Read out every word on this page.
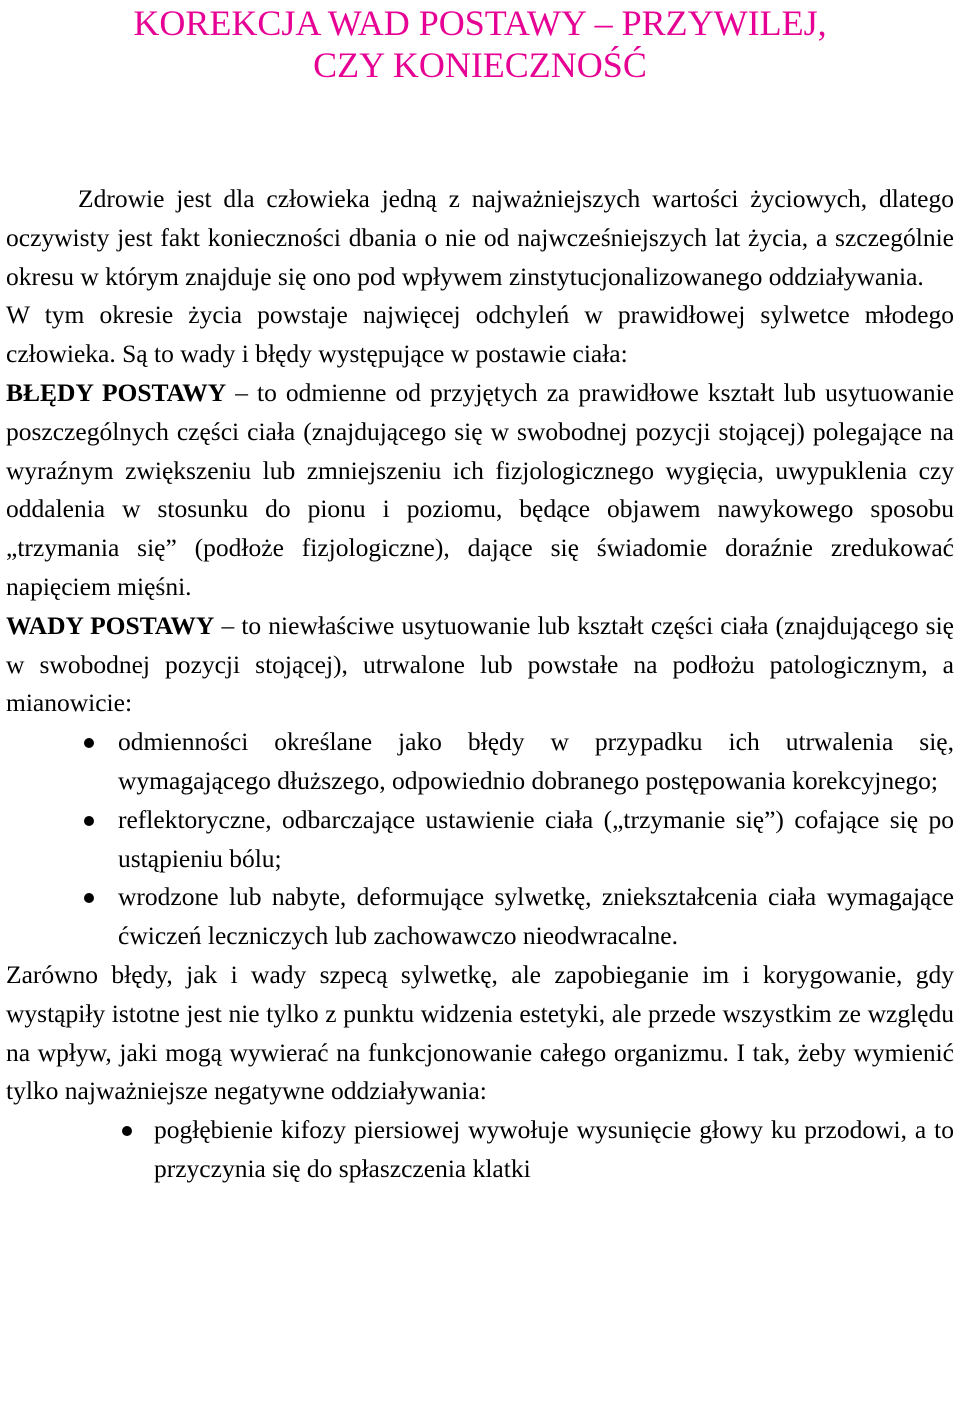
KOREKCJA WAD POSTAWY – PRZYWILEJ,
CZY KONIECZNOŚĆ

Zdrowie jest dla człowieka jedną z najważniejszych wartości życiowych, dlatego oczywisty jest fakt konieczności dbania o nie od najwcześniejszych lat życia, a szczególnie okresu w którym znajduje się ono pod wpływem zinstytucjonalizowanego oddziaływania.

W tym okresie życia powstaje najwięcej odchyleń w prawidłowej sylwetce młodego człowieka. Są to wady i błędy występujące w postawie ciała:

BŁĘDY POSTAWY – to odmienne od przyjętych za prawidłowe kształt lub usytuowanie poszczególnych części ciała (znajdującego się w swobodnej pozycji stojącej) polegające na wyraźnym zwiększeniu lub zmniejszeniu ich fizjologicznego wygięcia, uwypuklenia czy oddalenia w stosunku do pionu i poziomu, będące objawem nawykowego sposobu „trzymania się” (podłoże fizjologiczne), dające się świadomie doraźnie zredukować napięciem mięśni.

WADY POSTAWY – to niewłaściwe usytuowanie lub kształt części ciała (znajdującego się w swobodnej pozycji stojącej), utrwalone lub powstałe na podłożu patologicznym, a mianowicie:

odmienności określane jako błędy w przypadku ich utrwalenia się, wymagającego dłuższego, odpowiednio dobranego postępowania korekcyjnego;
reflektoryczne, odbarczające ustawienie ciała („trzymanie się”) cofające się po ustąpieniu bólu;
wrodzone lub nabyte, deformujące sylwetkę, zniekształcenia ciała wymagające ćwiczeń leczniczych lub zachowawczo nieodwracalne.

Zarówno błędy, jak i wady szpecą sylwetkę, ale zapobieganie im i korygowanie, gdy wystąpiły istotne jest nie tylko z punktu widzenia estetyki, ale przede wszystkim ze względu na wpływ, jaki mogą wywierać na funkcjonowanie całego organizmu. I tak, żeby wymienić tylko najważniejsze negatywne oddziaływania:

pogłębienie kifozy piersiowej wywołuje wysunięcie głowy ku przodowi, a to przyczynia się do spłaszczenia klatki
